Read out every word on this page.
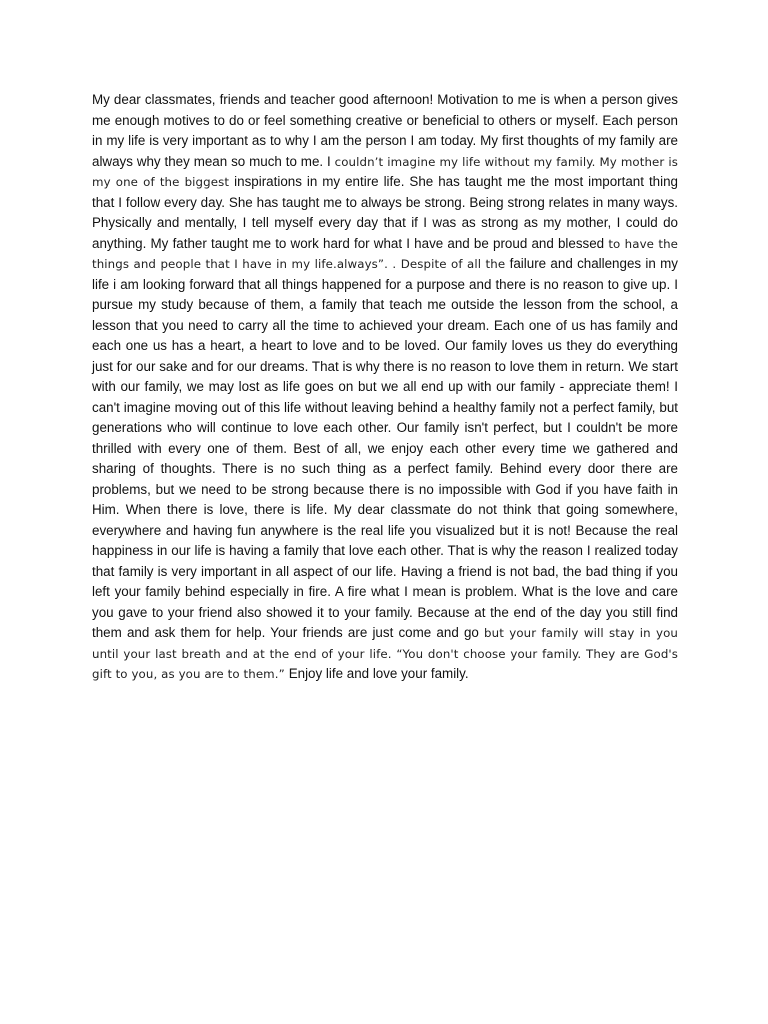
My dear classmates, friends and teacher good afternoon! Motivation to me is when a person gives me enough motives to do or feel something creative or beneficial to others or myself. Each person in my life is very important as to why I am the person I am today. My first thoughts of my family are always why they mean so much to me. I couldn’t imagine my life without my family. My mother is my one of the biggest inspirations in my entire life. She has taught me the most important thing that I follow every day. She has taught me to always be strong. Being strong relates in many ways. Physically and mentally, I tell myself every day that if I was as strong as my mother, I could do anything. My father taught me to work hard for what I have and be proud and blessed to have the things and people that I have in my life.always”. . Despite of all the failure and challenges in my life i am looking forward that all things happened for a purpose and there is no reason to give up. I pursue my study because of them, a family that teach me outside the lesson from the school, a lesson that you need to carry all the time to achieved your dream. Each one of us has family and each one us has a heart, a heart to love and to be loved. Our family loves us they do everything just for our sake and for our dreams. That is why there is no reason to love them in return. We start with our family, we may lost as life goes on but we all end up with our family - appreciate them! I can't imagine moving out of this life without leaving behind a healthy family not a perfect family, but generations who will continue to love each other. Our family isn't perfect, but I couldn't be more thrilled with every one of them. Best of all, we enjoy each other every time we gathered and sharing of thoughts. There is no such thing as a perfect family. Behind every door there are problems, but we need to be strong because there is no impossible with God if you have faith in Him. When there is love, there is life. My dear classmate do not think that going somewhere, everywhere and having fun anywhere is the real life you visualized but it is not! Because the real happiness in our life is having a family that love each other. That is why the reason I realized today that family is very important in all aspect of our life. Having a friend is not bad, the bad thing if you left your family behind especially in fire. A fire what I mean is problem. What is the love and care you gave to your friend also showed it to your family. Because at the end of the day you still find them and ask them for help. Your friends are just come and go but your family will stay in you until your last breath and at the end of your life. “You don't choose your family. They are God's gift to you, as you are to them.” Enjoy life and love your family.
